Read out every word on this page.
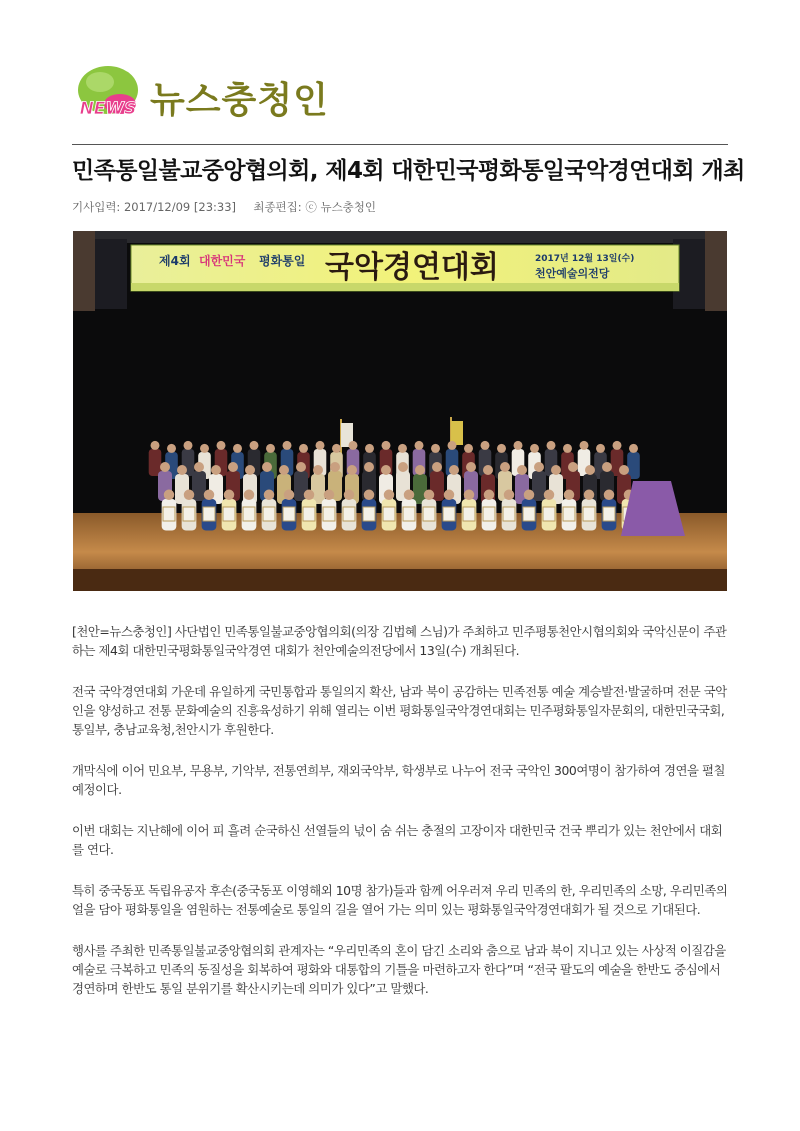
NEWS 뉴스충청인
민족통일불교중앙협의회, 제4회 대한민국평화통일국악경연대회 개최
기사입력: 2017/12/09 [23:33] 최종편집: ⓒ 뉴스충청인
제4회 대한민국 평화통일 국악경연대회	2017년 12월 13일(수)
천안예술의전당

[천안=뉴스충청인] 사단법인 민족통일불교중앙협의회(의장 김법혜 스님)가 주최하고 민주평통천안시협의회와 국악신문이 주관하는 제4회 대한민국평화통일국악경연 대회가 천안예술의전당에서 13일(수) 개최된다.

전국 국악경연대회 가운데 유일하게 국민통합과 통일의지 확산, 남과 북이 공감하는 민족전통 예술 계승발전·발굴하며 전문 국악인을 양성하고 전통 문화예술의 진흥육성하기 위해 열리는 이번 평화통일국악경연대회는 민주평화통일자문회의, 대한민국국회, 통일부, 충남교육청,천안시가 후원한다.

개막식에 이어 민요부, 무용부, 기악부, 전통연희부, 재외국악부, 학생부로 나누어 전국 국악인 300여명이 참가하여 경연을 펼칠 예정이다.

이번 대회는 지난해에 이어 피 흘려 순국하신 선열들의 넋이 숨 쉬는 충절의 고장이자 대한민국 건국 뿌리가 있는 천안에서 대회를 연다.

특히 중국동포 독립유공자 후손(중국동포 이영해외 10명 참가)들과 함께 어우러져 우리 민족의 한, 우리민족의 소망, 우리민족의 얼을 담아 평화통일을 염원하는 전통예술로 통일의 길을 열어 가는 의미 있는 평화통일국악경연대회가 될 것으로 기대된다.

행사를 주최한 민족통일불교중앙협의회 관계자는 “우리민족의 혼이 담긴 소리와 춤으로 남과 북이 지니고 있는 사상적 이질감을 예술로 극복하고 민족의 동질성을 회복하여 평화와 대통합의 기틀을 마련하고자 한다”며 “전국 팔도의 예술을 한반도 중심에서 경연하며 한반도 통일 분위기를 확산시키는데 의미가 있다”고 말했다.
